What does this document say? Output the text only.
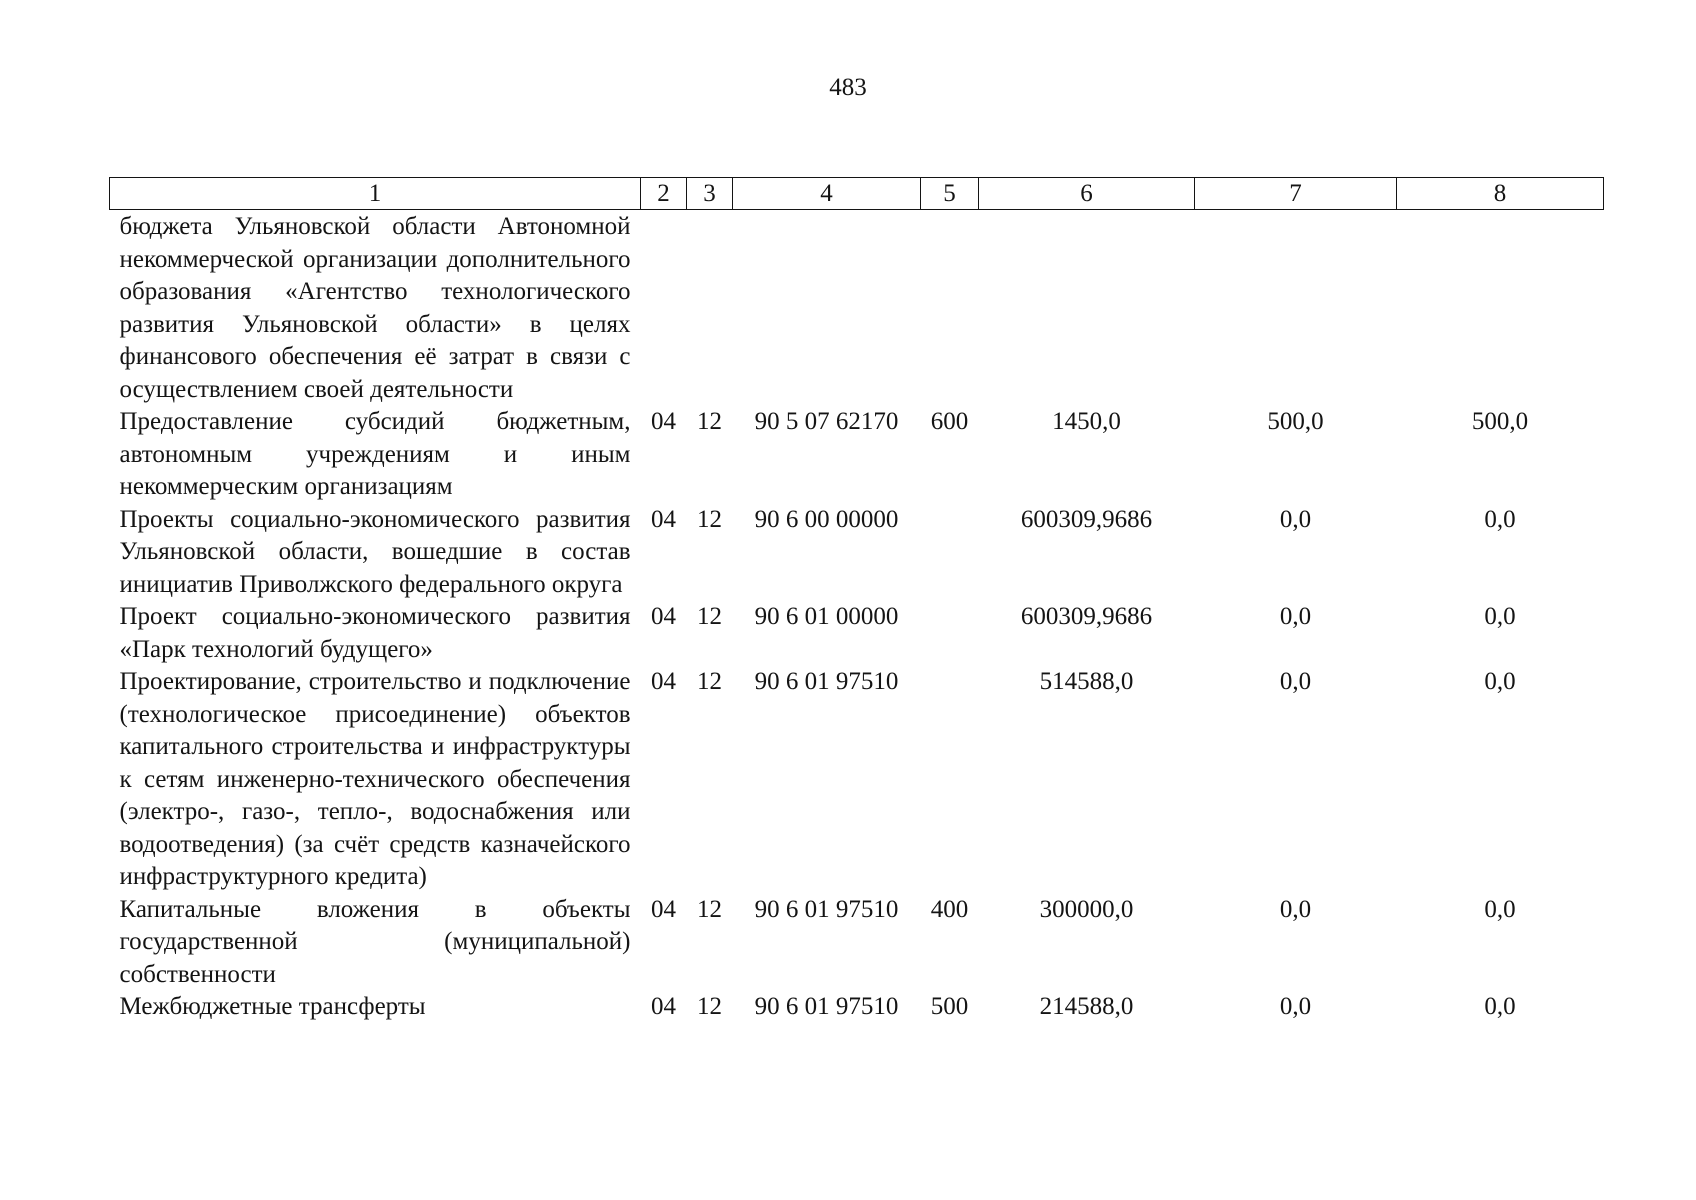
483
1	2	3	4	5	6	7	8
бюджета Ульяновской области Автономной некоммерческой организации дополнительного образования «Агентство технологического развития Ульяновской области» в целях финансового обеспечения её затрат в связи с осуществлением своей деятельности							
Предоставление субсидий бюджетным, автономным учреждениям и иным некоммерческим организациям	04	12	90 5 07 62170	600	1450,0	500,0	500,0
Проекты социально-экономического развития Ульяновской области, вошедшие в состав инициатив Приволжского федерального округа	04	12	90 6 00 00000		600309,9686	0,0	0,0
Проект социально-экономического развития «Парк технологий будущего»	04	12	90 6 01 00000		600309,9686	0,0	0,0
Проектирование, строительство и подключение (технологическое присоединение) объектов капитального строительства и инфраструктуры к сетям инженерно-технического обеспечения (электро-, газо-, тепло-, водоснабжения или водоотведения) (за счёт средств казначейского инфраструктурного кредита)	04	12	90 6 01 97510		514588,0	0,0	0,0
Капитальные вложения в объекты государственной (муниципальной) собственности	04	12	90 6 01 97510	400	300000,0	0,0	0,0
Межбюджетные трансферты	04	12	90 6 01 97510	500	214588,0	0,0	0,0
